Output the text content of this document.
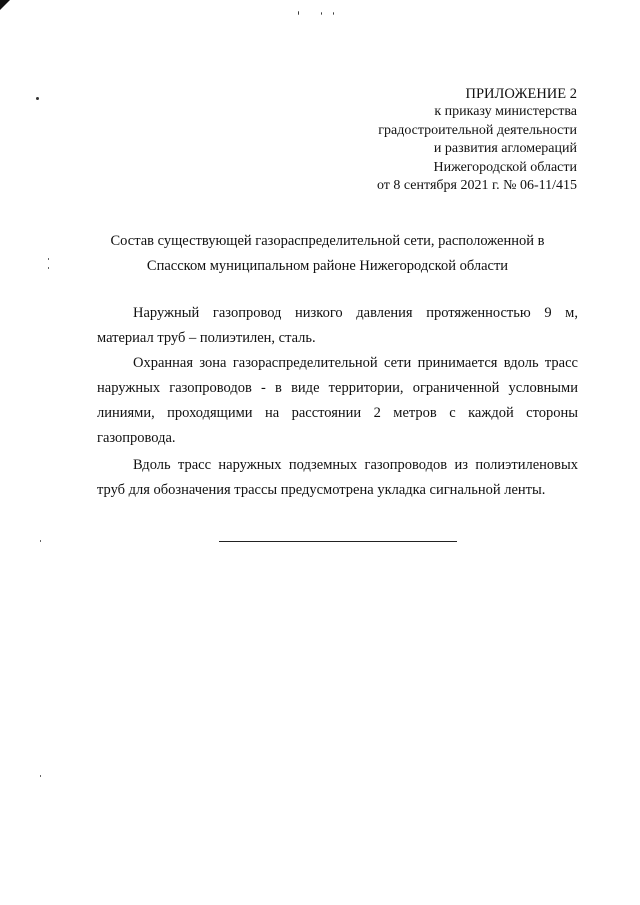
ПРИЛОЖЕНИЕ 2
к приказу министерства
градостроительной деятельности
и развития агломераций
Нижегородской области
от 8 сентября 2021 г. № 06-11/415
Состав существующей газораспределительной сети, расположенной в
Спасском муниципальном районе Нижегородской области

Наружный газопровод низкого давления протяженностью 9 м, материал труб – полиэтилен, сталь.

Охранная зона газораспределительной сети принимается вдоль трасс наружных газопроводов - в виде территории, ограниченной условными линиями, проходящими на расстоянии 2 метров с каждой стороны газопровода.

Вдоль трасс наружных подземных газопроводов из полиэтиленовых труб для обозначения трассы предусмотрена укладка сигнальной ленты.
